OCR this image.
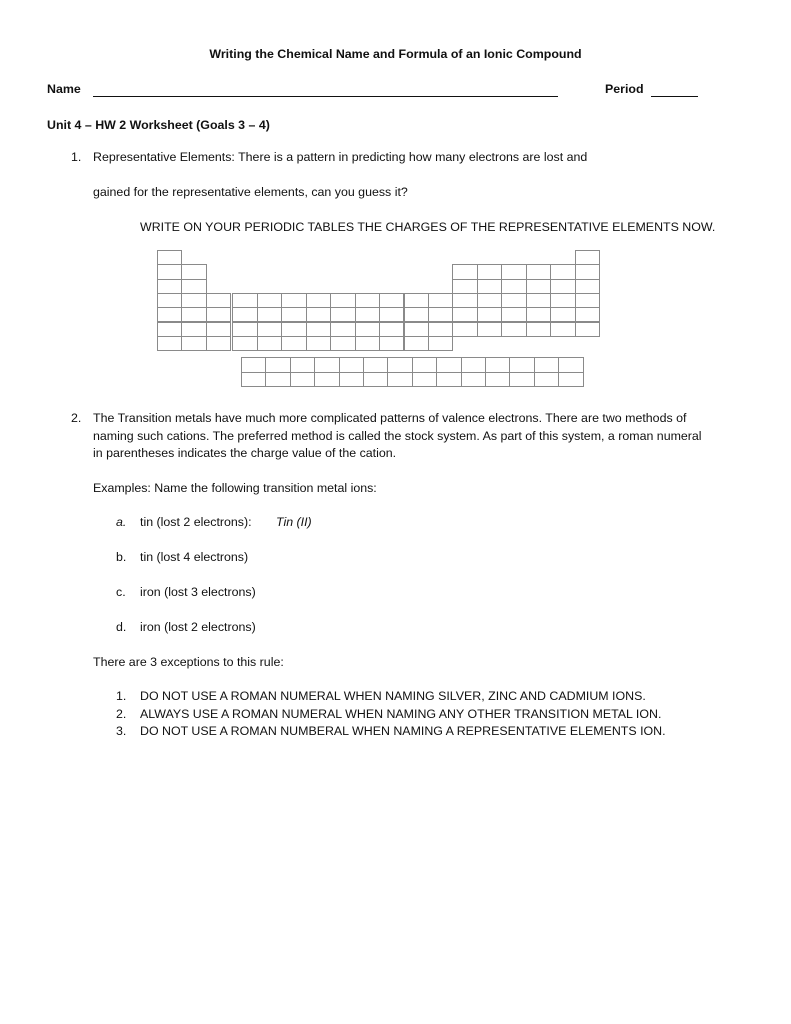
Writing the Chemical Name and Formula of an Ionic Compound
Name	Period
Unit 4 – HW 2 Worksheet (Goals 3 – 4)
1. Representative Elements: There is a pattern in predicting how many electrons are lost and
gained for the representative elements, can you guess it?
WRITE ON YOUR PERIODIC TABLES THE CHARGES OF THE REPRESENTATIVE ELEMENTS NOW.
2. The Transition metals have much more complicated patterns of valence electrons. There are two methods of
naming such cations. The preferred method is called the stock system. As part of this system, a roman numeral
in parentheses indicates the charge value of the cation.
Examples: Name the following transition metal ions:
a. tin (lost 2 electrons): Tin (II)
b. tin (lost 4 electrons)
c. iron (lost 3 electrons)
d. iron (lost 2 electrons)
There are 3 exceptions to this rule:
1. DO NOT USE A ROMAN NUMERAL WHEN NAMING SILVER, ZINC AND CADMIUM IONS.
2. ALWAYS USE A ROMAN NUMERAL WHEN NAMING ANY OTHER TRANSITION METAL ION.
3. DO NOT USE A ROMAN NUMBERAL WHEN NAMING A REPRESENTATIVE ELEMENTS ION.
